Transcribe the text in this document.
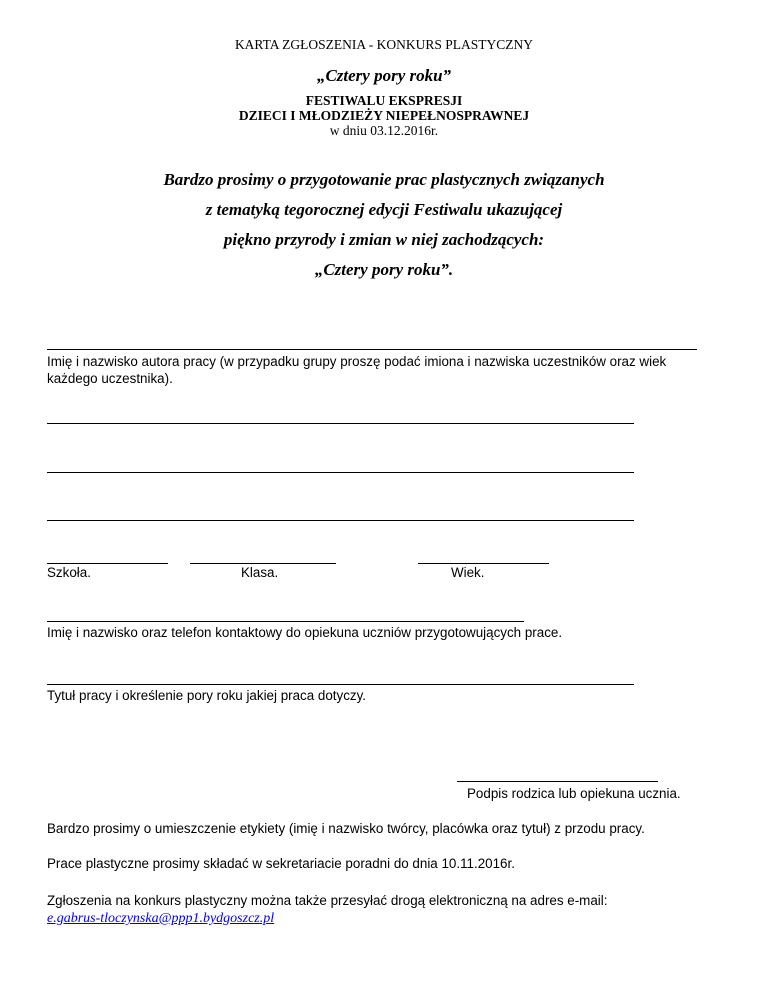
KARTA ZGŁOSZENIA - KONKURS PLASTYCZNY
„Cztery pory roku”
FESTIWALU EKSPRESJI
DZIECI I MŁODZIEŻY NIEPEŁNOSPRAWNEJ
w dniu 03.12.2016r.
Bardzo prosimy o przygotowanie prac plastycznych związanych
z tematyką tegorocznej edycji Festiwalu ukazującej
piękno przyrody i zmian w niej zachodzących:
„Cztery pory roku”.
Imię i nazwisko autora pracy (w przypadku grupy proszę podać imiona i nazwiska uczestników oraz wiek każdego uczestnika).
Szkoła.	Klasa.	Wiek.
Imię i nazwisko oraz telefon kontaktowy do opiekuna uczniów przygotowujących prace.
Tytuł pracy i określenie pory roku jakiej praca dotyczy.
Podpis rodzica lub opiekuna ucznia.
Bardzo prosimy o umieszczenie etykiety (imię i nazwisko twórcy, placówka oraz tytuł) z przodu pracy.
Prace plastyczne prosimy składać w sekretariacie poradni do dnia 10.11.2016r.
Zgłoszenia na konkurs plastyczny można także przesyłać drogą elektroniczną na adres e-mail:
e.gabrus-tloczynska@ppp1.bydgoszcz.pl
